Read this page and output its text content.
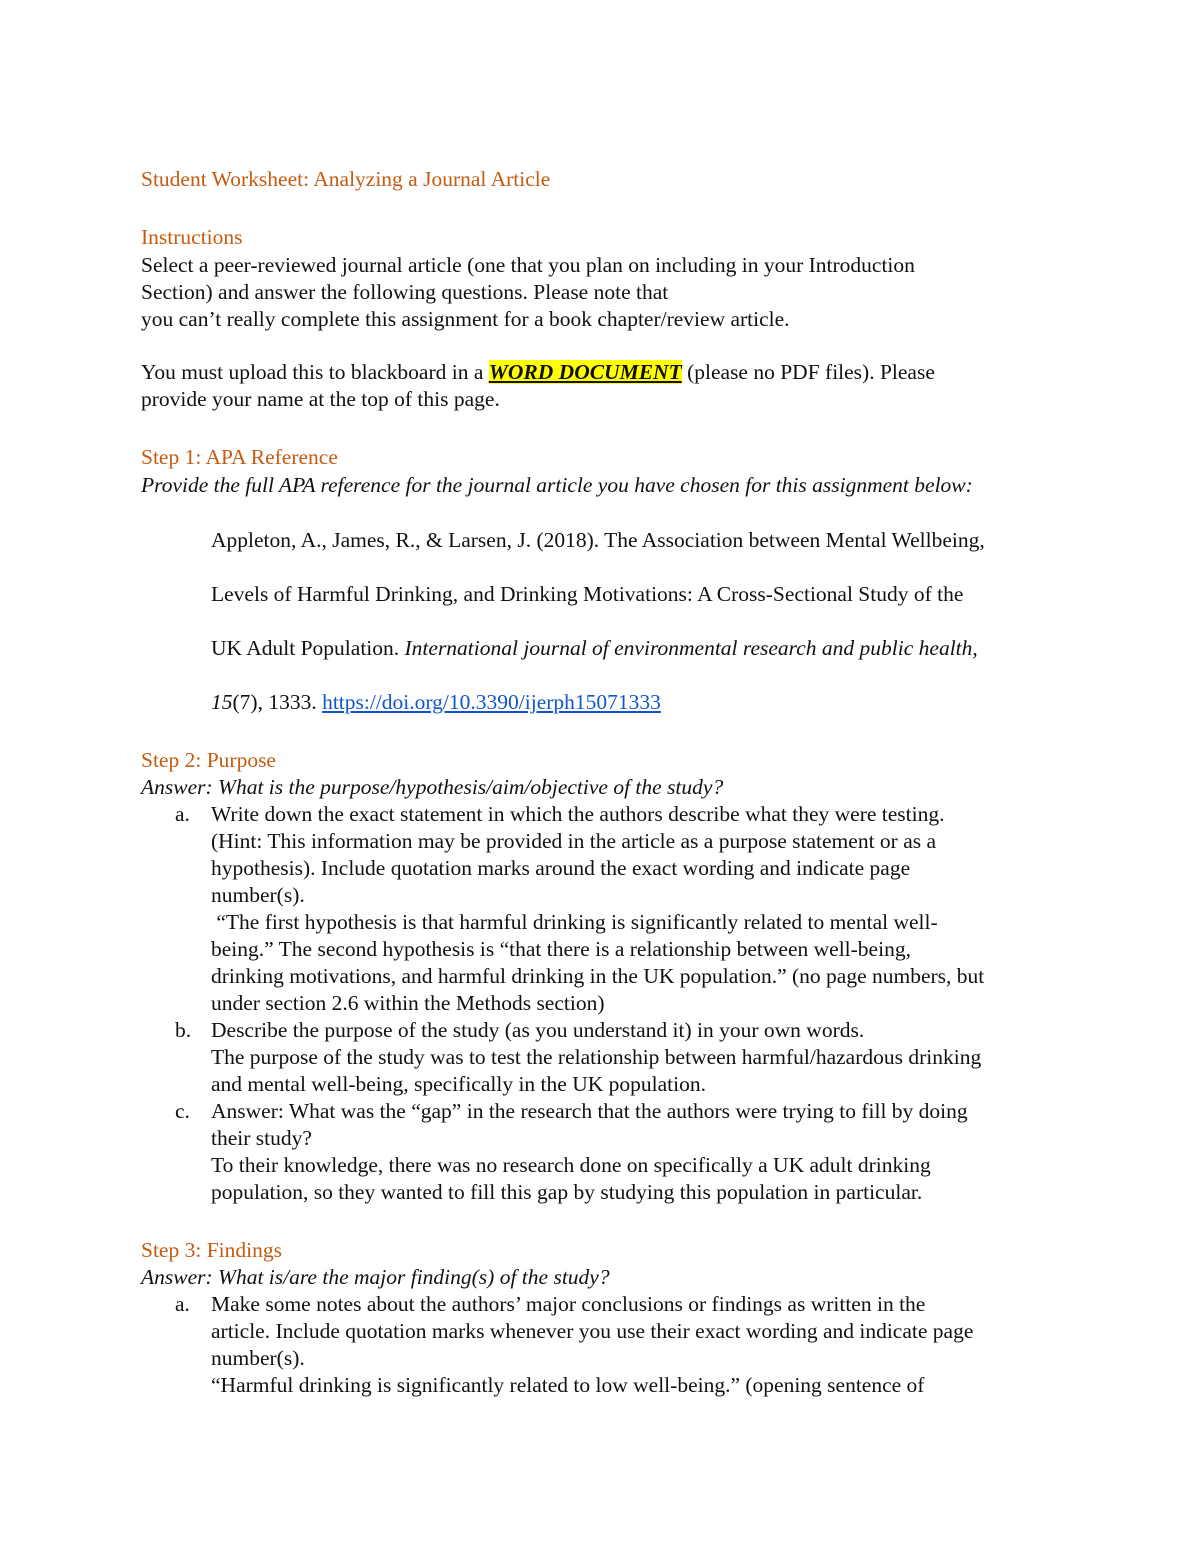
Student Worksheet: Analyzing a Journal Article

Instructions

Select a peer-reviewed journal article (one that you plan on including in your Introduction
Section) and answer the following questions. Please note that
you can’t really complete this assignment for a book chapter/review article.
You must upload this to blackboard in a WORD DOCUMENT (please no PDF files). Please
provide your name at the top of this page.

Step 1: APA Reference

Provide the full APA reference for the journal article you have chosen for this assignment below:

Appleton, A., James, R., & Larsen, J. (2018). The Association between Mental Wellbeing,

Levels of Harmful Drinking, and Drinking Motivations: A Cross-Sectional Study of the

UK Adult Population. International journal of environmental research and public health,

15(7), 1333. https://doi.org/10.3390/ijerph15071333

Step 2: Purpose

Answer: What is the purpose/hypothesis/aim/objective of the study?

a. Write down the exact statement in which the authors describe what they were testing.
(Hint: This information may be provided in the article as a purpose statement or as a
hypothesis). Include quotation marks around the exact wording and indicate page
number(s).
“The first hypothesis is that harmful drinking is significantly related to mental well-
being.” The second hypothesis is “that there is a relationship between well-being,
drinking motivations, and harmful drinking in the UK population.” (no page numbers, but
under section 2.6 within the Methods section)
b. Describe the purpose of the study (as you understand it) in your own words.
The purpose of the study was to test the relationship between harmful/hazardous drinking
and mental well-being, specifically in the UK population.
c. Answer: What was the “gap” in the research that the authors were trying to fill by doing
their study?
To their knowledge, there was no research done on specifically a UK adult drinking
population, so they wanted to fill this gap by studying this population in particular.

Step 3: Findings

Answer: What is/are the major finding(s) of the study?

a. Make some notes about the authors’ major conclusions or findings as written in the
article. Include quotation marks whenever you use their exact wording and indicate page
number(s).
“Harmful drinking is significantly related to low well-being.” (opening sentence of
